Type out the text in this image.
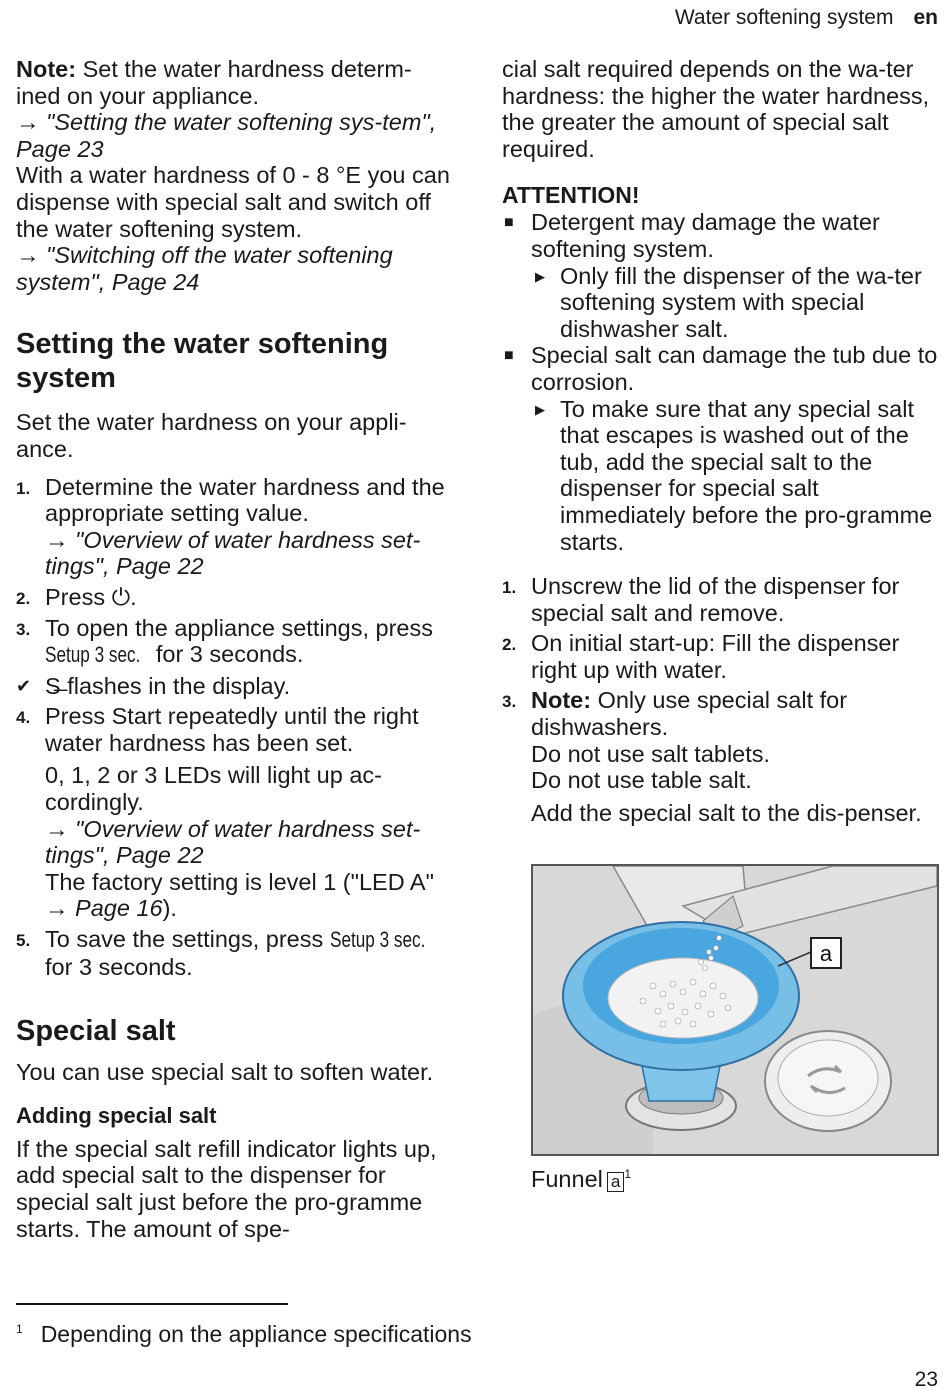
Water softening system en

Note: Set the water hardness determ-ined on your appliance.

→ "Setting the water softening sys-tem", Page 23

With a water hardness of 0 - 8 °E you can dispense with special salt and switch off the water softening system.

→ "Switching off the water softening system", Page 24

Setting the water softening system

Set the water hardness on your appli-ance.

1. Determine the water hardness and the appropriate setting value.

→ "Overview of water hardness set-tings", Page 22

2. Press ⏻.

3. To open the appliance settings, press Setup 3 sec. for 3 seconds.

✔ S̶ flashes in the display.

4. Press Start repeatedly until the right water hardness has been set.

0, 1, 2 or 3 LEDs will light up ac-cordingly.

→ "Overview of water hardness set-tings", Page 22

The factory setting is level 1 ("LED A" → Page 16).

5. To save the settings, press Setup 3 sec. for 3 seconds.

Special salt

You can use special salt to soften water.

Adding special salt

If the special salt refill indicator lights up, add special salt to the dispenser for special salt just before the pro-gramme starts. The amount of spe-

cial salt required depends on the wa-ter hardness: the higher the water hardness, the greater the amount of special salt required.

ATTENTION!
■ Detergent may damage the water softening system.

▶ Only fill the dispenser of the wa-ter softening system with special dishwasher salt.

■ Special salt can damage the tub due to corrosion.

▶ To make sure that any special salt that escapes is washed out of the tub, add the special salt to the dispenser for special salt immediately before the pro-gramme starts.

1. Unscrew the lid of the dispenser for special salt and remove.

2. On initial start-up: Fill the dispenser right up with water.

3. Note: Only use special salt for dishwashers.

Do not use salt tablets.

Do not use table salt.

Add the special salt to the dis-penser.

a
Funnel a $^1$
$^1$ Depending on the appliance specifications
23
